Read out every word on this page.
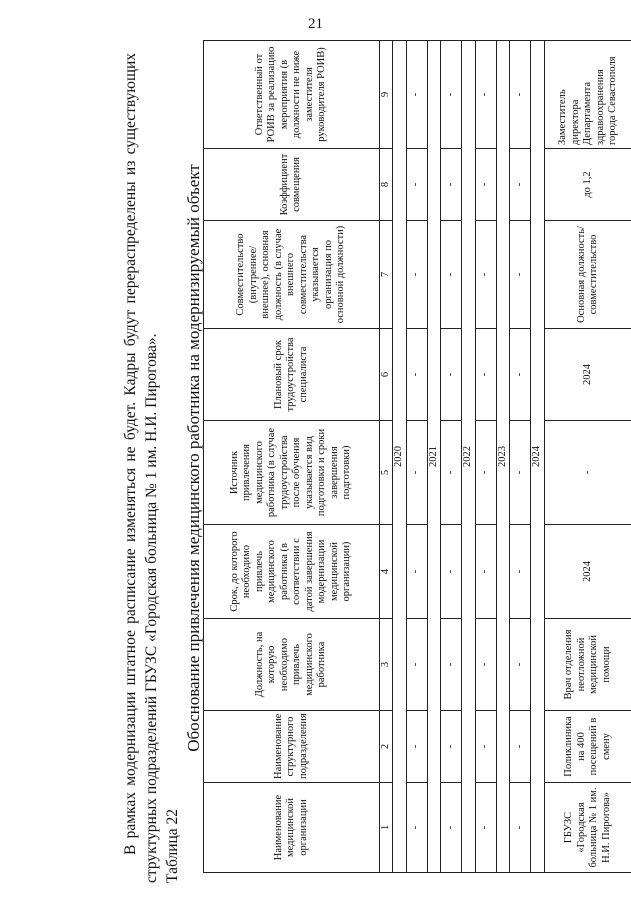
21

В рамках модернизации штатное расписание изменяться не будет. Кадры будут перераспределены из существующих структурных подразделений ГБУЗС «Городская больница № 1 им. Н.И. Пирогова». Таблица 22
Обоснование привлечения медицинского работника на модернизируемый объект
Наименование медицинской организации	Наименование структурного подразделения	Должность, на которую необходимо привлечь медицинского работника	Срок, до которого необходимо привлечь медицинского работника (в соответствии с датой завершения модернизации медицинской организации)	Источник привлечения медицинского работника (в случае трудоустройства после обучения указывается вид подготовки и сроки завершения подготовки)	Плановый срок трудоустройства специалиста	Совместительство (внутреннее/внешнее), основная должность (в случае внешнего совместительства указывается организация по основной должности)	Коэффициент совмещения	Ответственный от РОИВ за реализацию мероприятия (в должности не ниже заместителя руководителя РОИВ)
1	2	3	4	5	6	7	8	9
2020								
-	-	-	-	-	-	-	-	-
2021								
-	-	-	-	-	-	-	-	-
2022								
-	-	-	-	-	-	-	-	-
2023								
-	-	-	-	-	-	-	-	-
2024								
ГБУЗС «Городская больница № 1 им. Н.И. Пирогова»	Поликлиника на 400 посещений в смену	Врач отделения неотложной медицинской помощи	2024	-	2024	Основная должность/ совместительство	до 1,2	Заместитель директора Департамента здравоохранения города Севастополя
